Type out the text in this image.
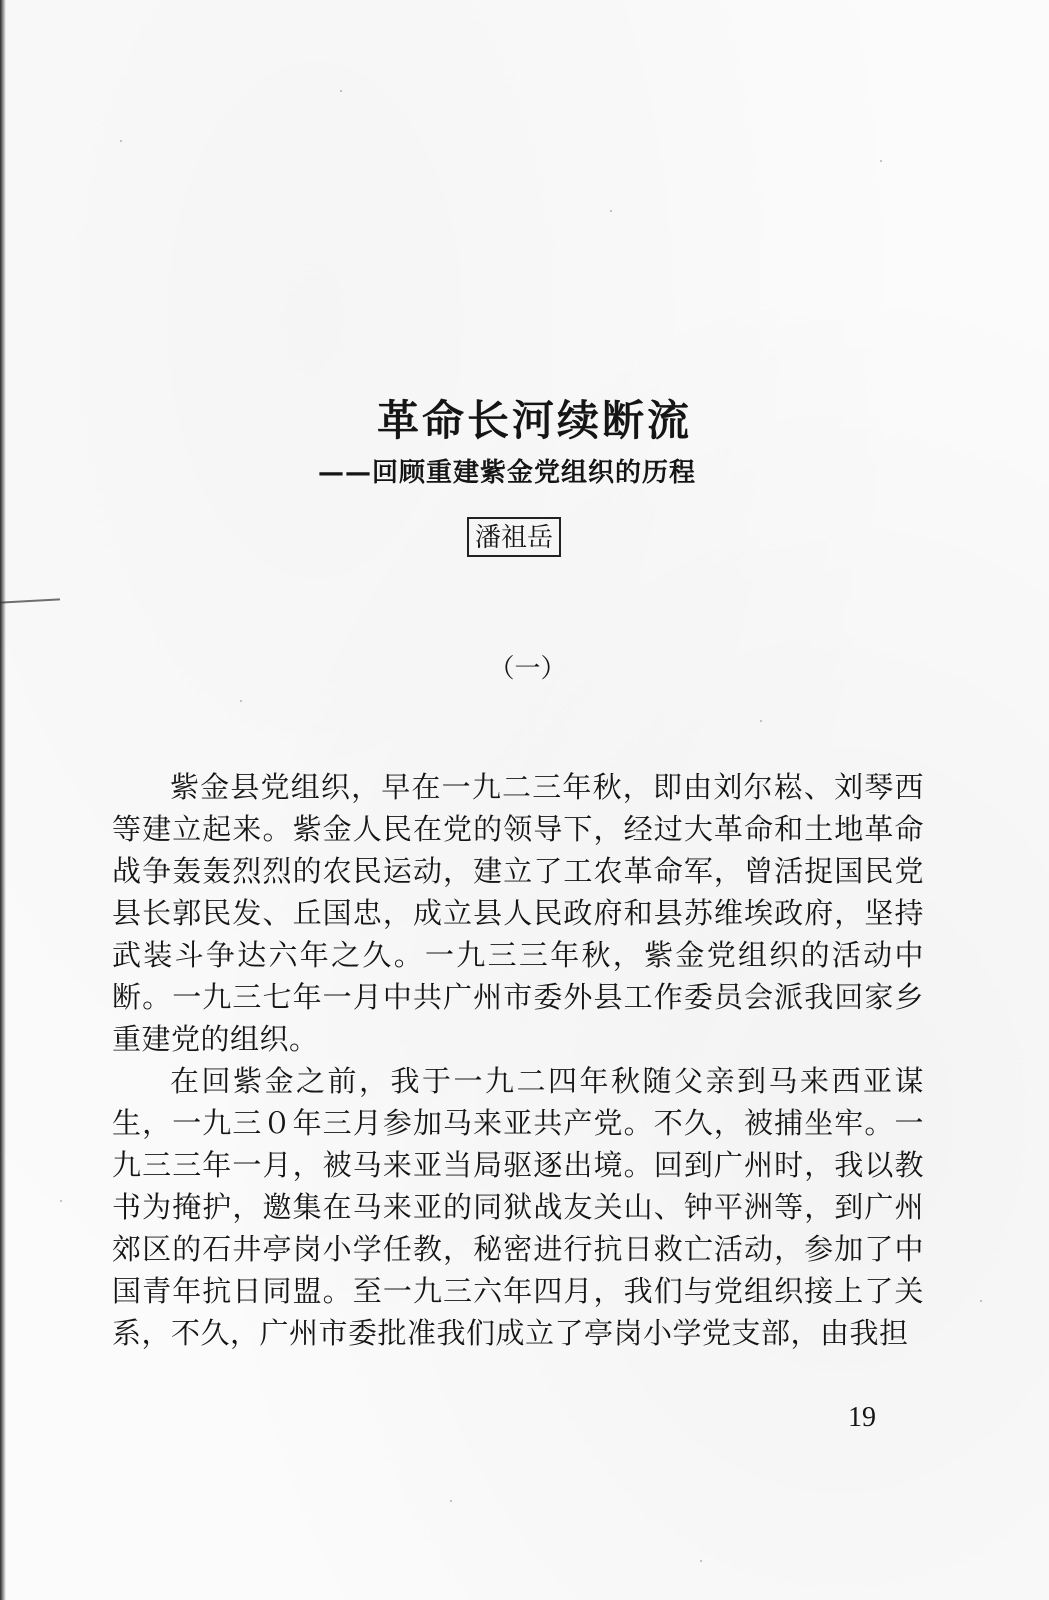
革命长河续断流
——回顾重建紫金党组织的历程
潘祖岳
（一）

紫金县党组织，早在一九二三年秋，即由刘尔崧、刘琴西等建立起来。紫金人民在党的领导下，经过大革命和土地革命战争轰轰烈烈的农民运动，建立了工农革命军，曾活捉国民党县长郭民发、丘国忠，成立县人民政府和县苏维埃政府，坚持武装斗争达六年之久。一九三三年秋，紫金党组织的活动中断。一九三七年一月中共广州市委外县工作委员会派我回家乡重建党的组织。

在回紫金之前，我于一九二四年秋随父亲到马来西亚谋生，一九三０年三月参加马来亚共产党。不久，被捕坐牢。一九三三年一月，被马来亚当局驱逐出境。回到广州时，我以教书为掩护，邀集在马来亚的同狱战友关山、钟平洲等，到广州郊区的石井亭岗小学任教，秘密进行抗日救亡活动，参加了中国青年抗日同盟。至一九三六年四月，我们与党组织接上了关系，不久，广州市委批准我们成立了亭岗小学党支部，由我担

19
